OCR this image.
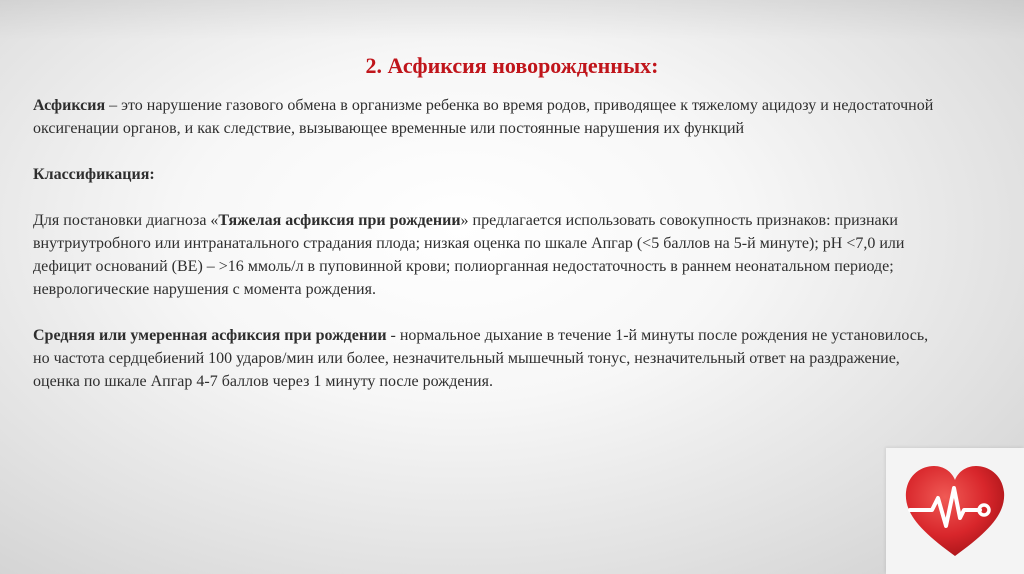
2. Асфиксия новорожденных:

Асфиксия – это нарушение газового обмена в организме ребенка во время родов, приводящее к тяжелому ацидозу и недостаточной оксигенации органов, и как следствие, вызывающее временные или постоянные нарушения их функций

Классификация:

Для постановки диагноза «Тяжелая асфиксия при рождении» предлагается использовать совокупность признаков: признаки внутриутробного или интранатального страдания плода; низкая оценка по шкале Апгар (<5 баллов на 5-й минуте); pH <7,0 или дефицит оснований (BE) – >16 ммоль/л в пуповинной крови; полиорганная недостаточность в раннем неонатальном периоде; неврологические нарушения с момента рождения.

Средняя или умеренная асфиксия при рождении - нормальное дыхание в течение 1-й минуты после рождения не установилось, но частота сердцебиений 100 ударов/мин или более, незначительный мышечный тонус, незначительный ответ на раздражение, оценка по шкале Апгар 4-7 баллов через 1 минуту после рождения.
